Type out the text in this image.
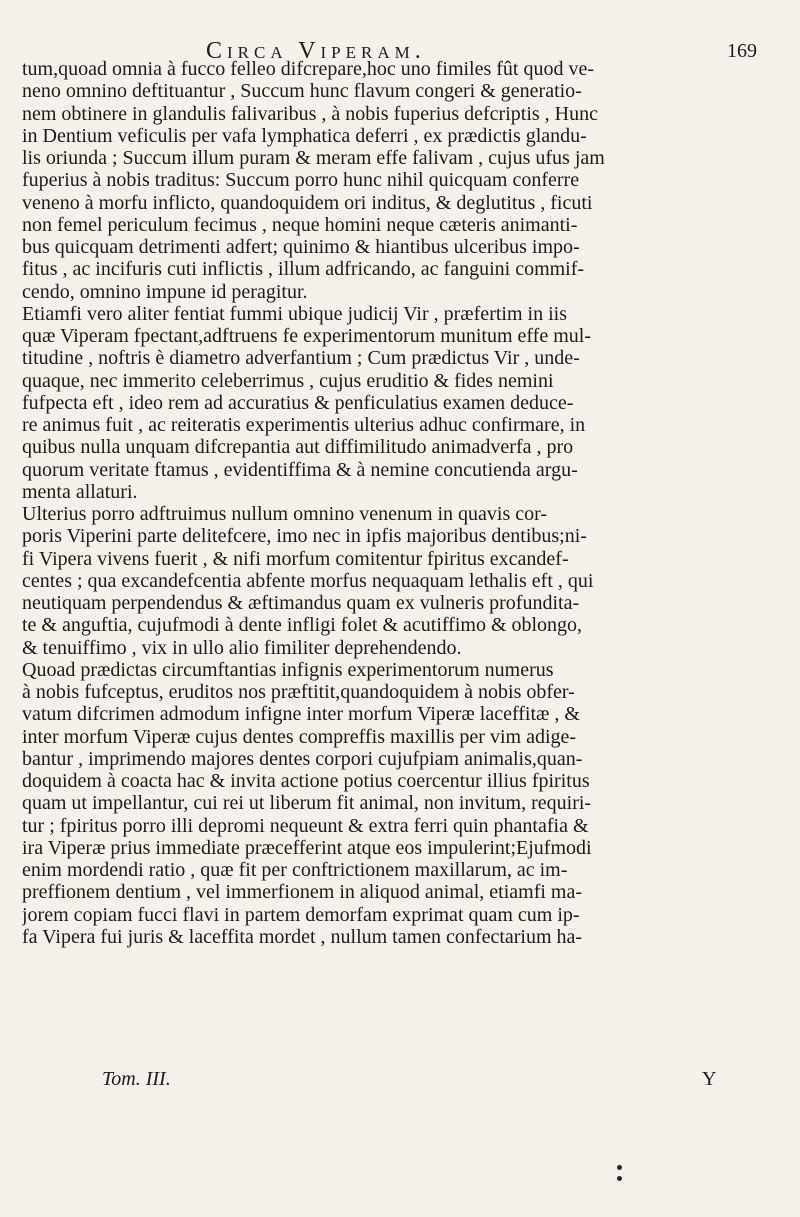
Circa Viperam.	169
tum,quoad omnia à fucco felleo difcrepare,hoc uno fimiles fût quod ve-
neno omnino deftituantur , Succum hunc flavum congeri & generatio-
nem obtinere in glandulis falivaribus , à nobis fuperius defcriptis , Hunc
in Dentium veficulis per vafa lymphatica deferri , ex prædictis glandu-
lis oriunda ; Succum illum puram & meram effe falivam , cujus ufus jam
fuperius à nobis traditus: Succum porro hunc nihil quicquam conferre
veneno à morfu inflicto, quandoquidem ori inditus, & deglutitus , ficuti
non femel periculum fecimus , neque homini neque cæteris animanti-
bus quicquam detrimenti adfert; quinimo & hiantibus ulceribus impo-
fitus , ac incifuris cuti inflictis , illum adfricando, ac fanguini commif-
cendo, omnino impune id peragitur.
Etiamfi vero aliter fentiat fummi ubique judicij Vir , præfertim in iis
quæ Viperam fpectant,adftruens fe experimentorum munitum effe mul-
titudine , noftris è diametro adverfantium ; Cum prædictus Vir , unde-
quaque, nec immerito celeberrimus , cujus eruditio & fides nemini
fufpecta eft , ideo rem ad accuratius & penficulatius examen deduce-
re animus fuit , ac reiteratis experimentis ulterius adhuc confirmare, in
quibus nulla unquam difcrepantia aut diffimilitudo animadverfa , pro
quorum veritate ftamus , evidentiffima & à nemine concutienda argu-
menta allaturi.
Ulterius porro adftruimus nullum omnino venenum in quavis cor-
poris Viperini parte delitefcere, imo nec in ipfis majoribus dentibus;ni-
fi Vipera vivens fuerit , & nifi morfum comitentur fpiritus excandef-
centes ; qua excandefcentia abfente morfus nequaquam lethalis eft , qui
neutiquam perpendendus & æftimandus quam ex vulneris profundita-
te & anguftia, cujufmodi à dente infligi folet & acutiffimo & oblongo,
& tenuiffimo , vix in ullo alio fimiliter deprehendendo.
Quoad prædictas circumftantias infignis experimentorum numerus
à nobis fufceptus, eruditos nos præftitit,quandoquidem à nobis obfer-
vatum difcrimen admodum infigne inter morfum Viperæ laceffitæ , &
inter morfum Viperæ cujus dentes compreffis maxillis per vim adige-
bantur , imprimendo majores dentes corpori cujufpiam animalis,quan-
doquidem à coacta hac & invita actione potius coercentur illius fpiritus
quam ut impellantur, cui rei ut liberum fit animal, non invitum, requiri-
tur ; fpiritus porro illi depromi nequeunt & extra ferri quin phantafia &
ira Viperæ prius immediate præcefferint atque eos impulerint;Ejufmodi
enim mordendi ratio , quæ fit per conftrictionem maxillarum, ac im-
preffionem dentium , vel immerfionem in aliquod animal, etiamfi ma-
jorem copiam fucci flavi in partem demorfam exprimat quam cum ip-
fa Vipera fui juris & laceffita mordet , nullum tamen confectarium ha-
Tom. III.	Y
